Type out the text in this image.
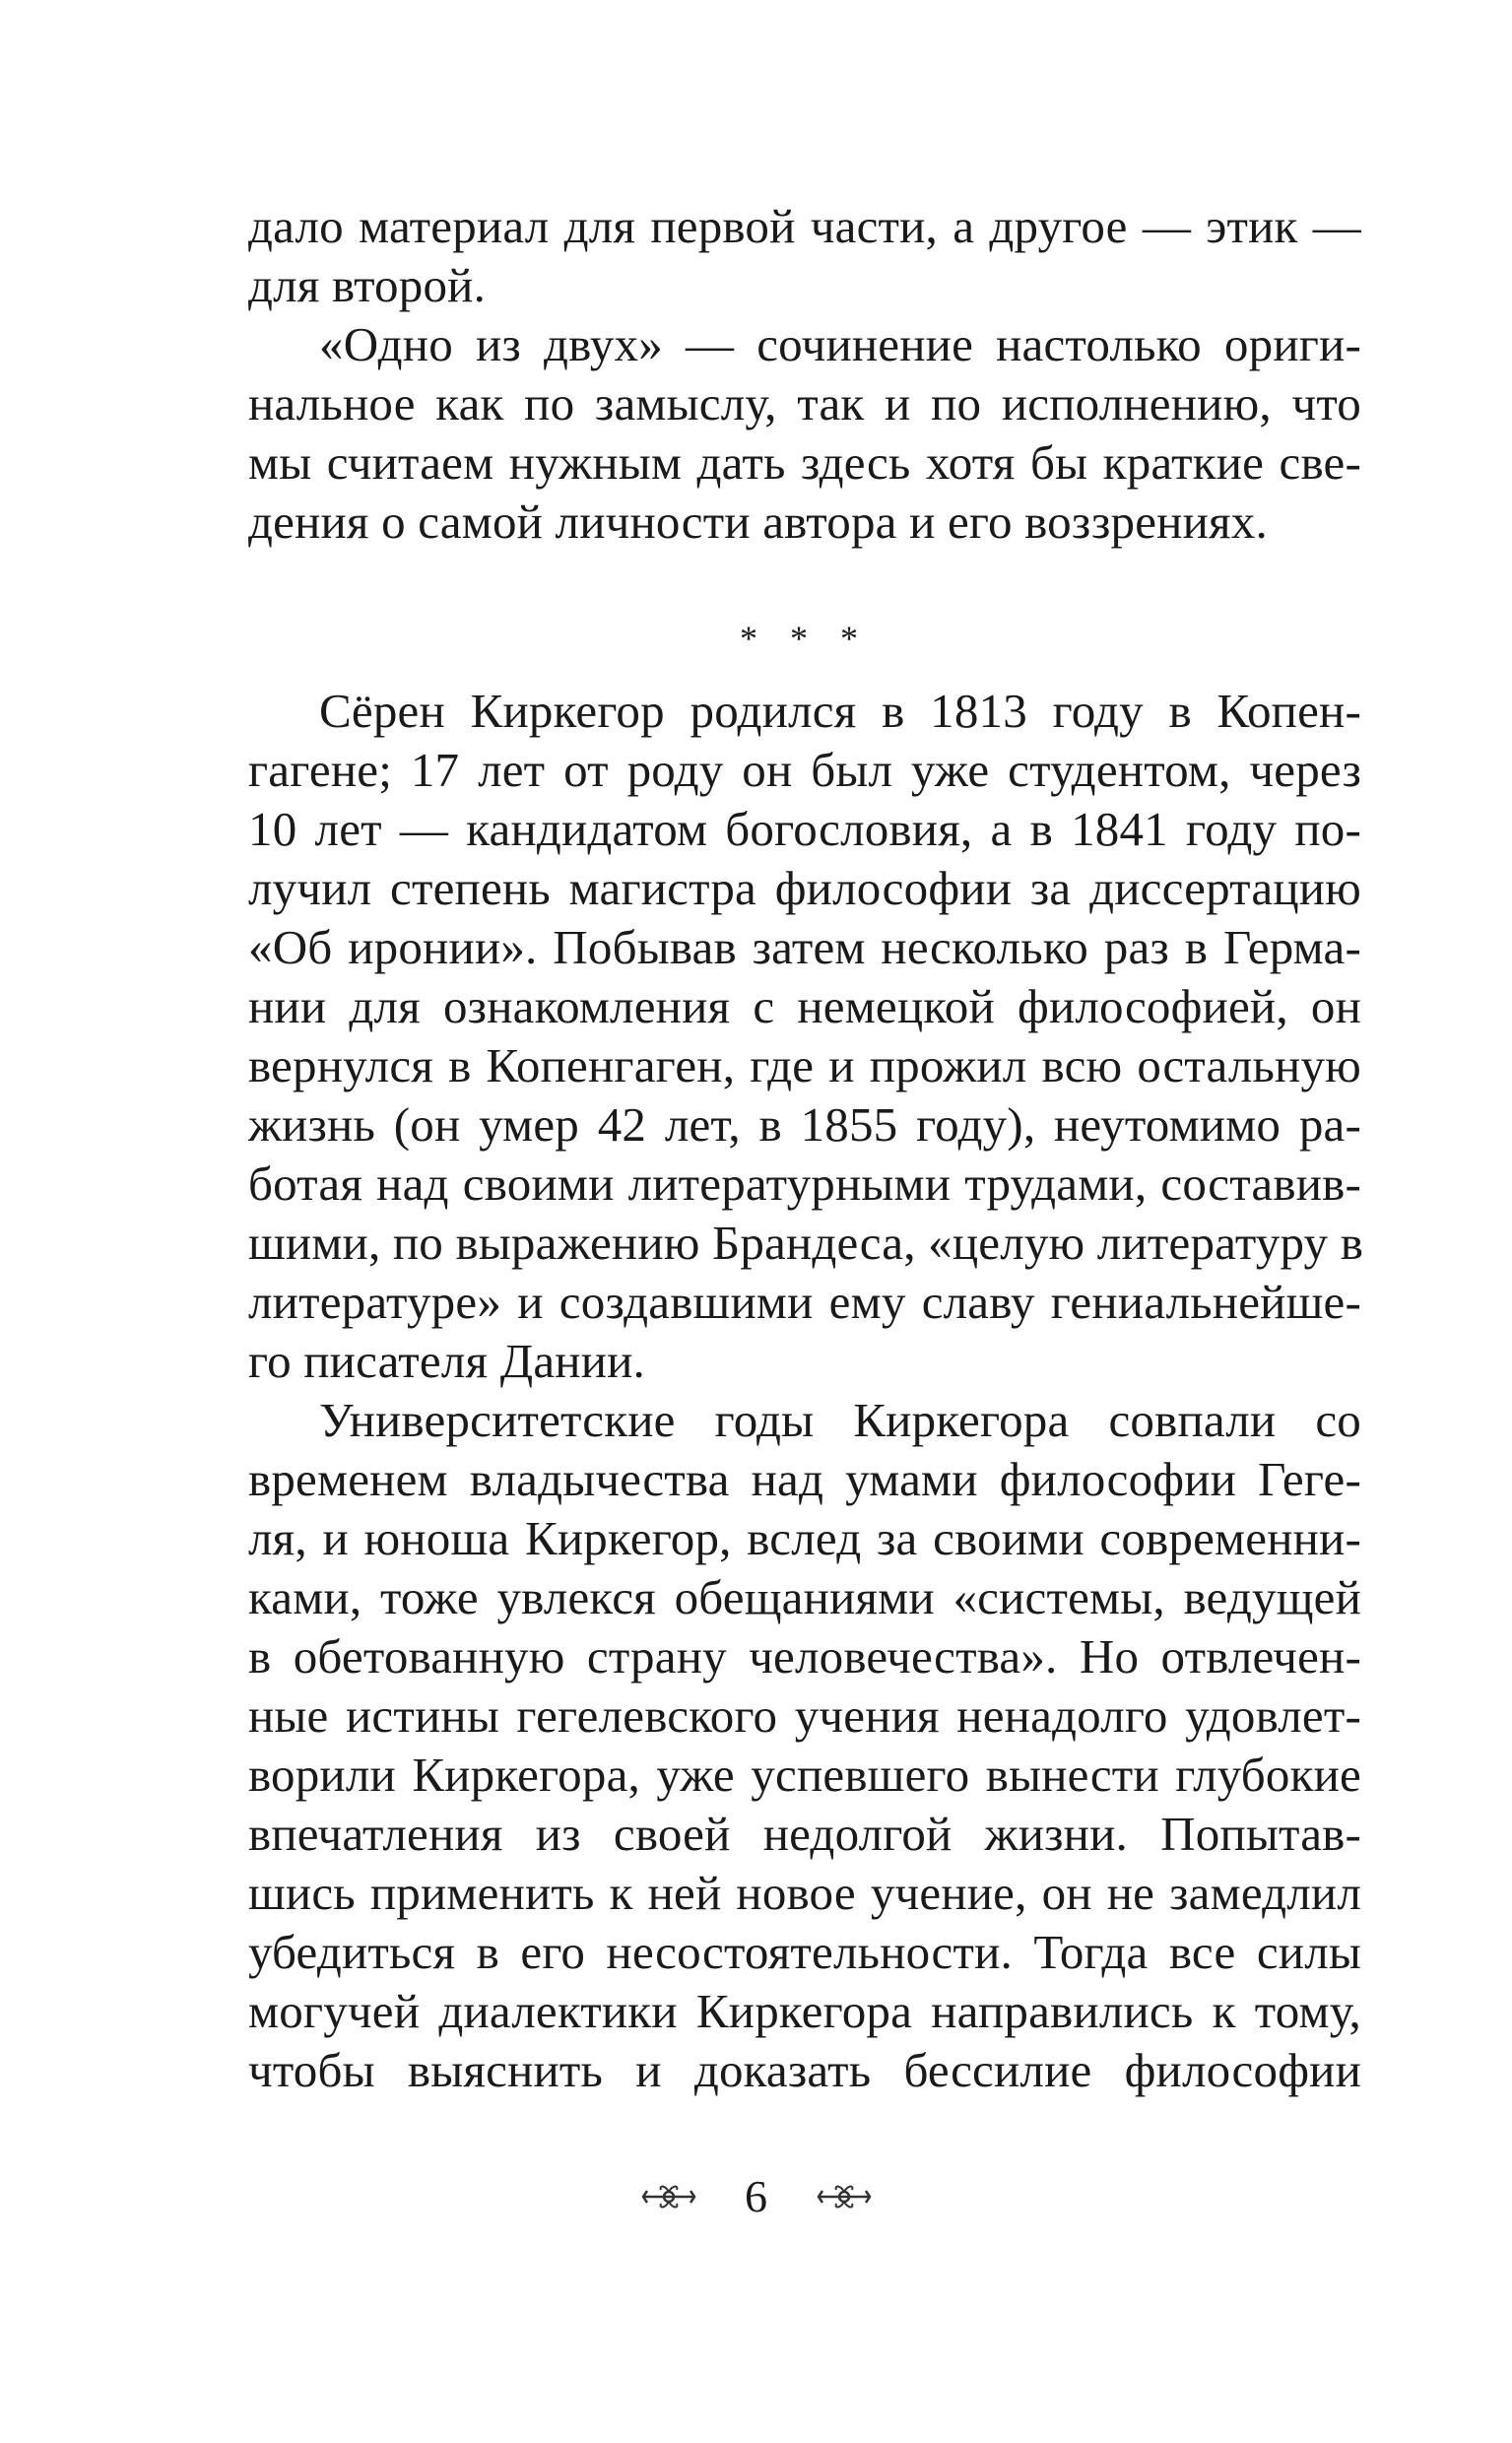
дало материал для первой части, а другое — этик —
для второй.
«Одно из двух» — сочинение настолько ориги-
нальное как по замыслу, так и по исполнению, что
мы считаем нужным дать здесь хотя бы краткие све-
дения о самой личности автора и его воззрениях.
* * *
Сёрен Киркегор родился в 1813 году в Копен-
гагене; 17 лет от роду он был уже студентом, через
10 лет — кандидатом богословия, а в 1841 году по-
лучил степень магистра философии за диссертацию
«Об иронии». Побывав затем несколько раз в Герма-
нии для ознакомления с немецкой философией, он
вернулся в Копенгаген, где и прожил всю остальную
жизнь (он умер 42 лет, в 1855 году), неутомимо ра-
ботая над своими литературными трудами, составив-
шими, по выражению Брандеса, «целую литературу в
литературе» и создавшими ему славу гениальнейше-
го писателя Дании.
Университетские годы Киркегора совпали со
временем владычества над умами философии Геге-
ля, и юноша Киркегор, вслед за своими современни-
ками, тоже увлекся обещаниями «системы, ведущей
в обетованную страну человечества». Но отвлечен-
ные истины гегелевского учения ненадолго удовлет-
ворили Киркегора, уже успевшего вынести глубокие
впечатления из своей недолгой жизни. Попытав-
шись применить к ней новое учение, он не замедлил
убедиться в его несостоятельности. Тогда все силы
могучей диалектики Киркегора направились к тому,
чтобы выяснить и доказать бессилие философии
6
